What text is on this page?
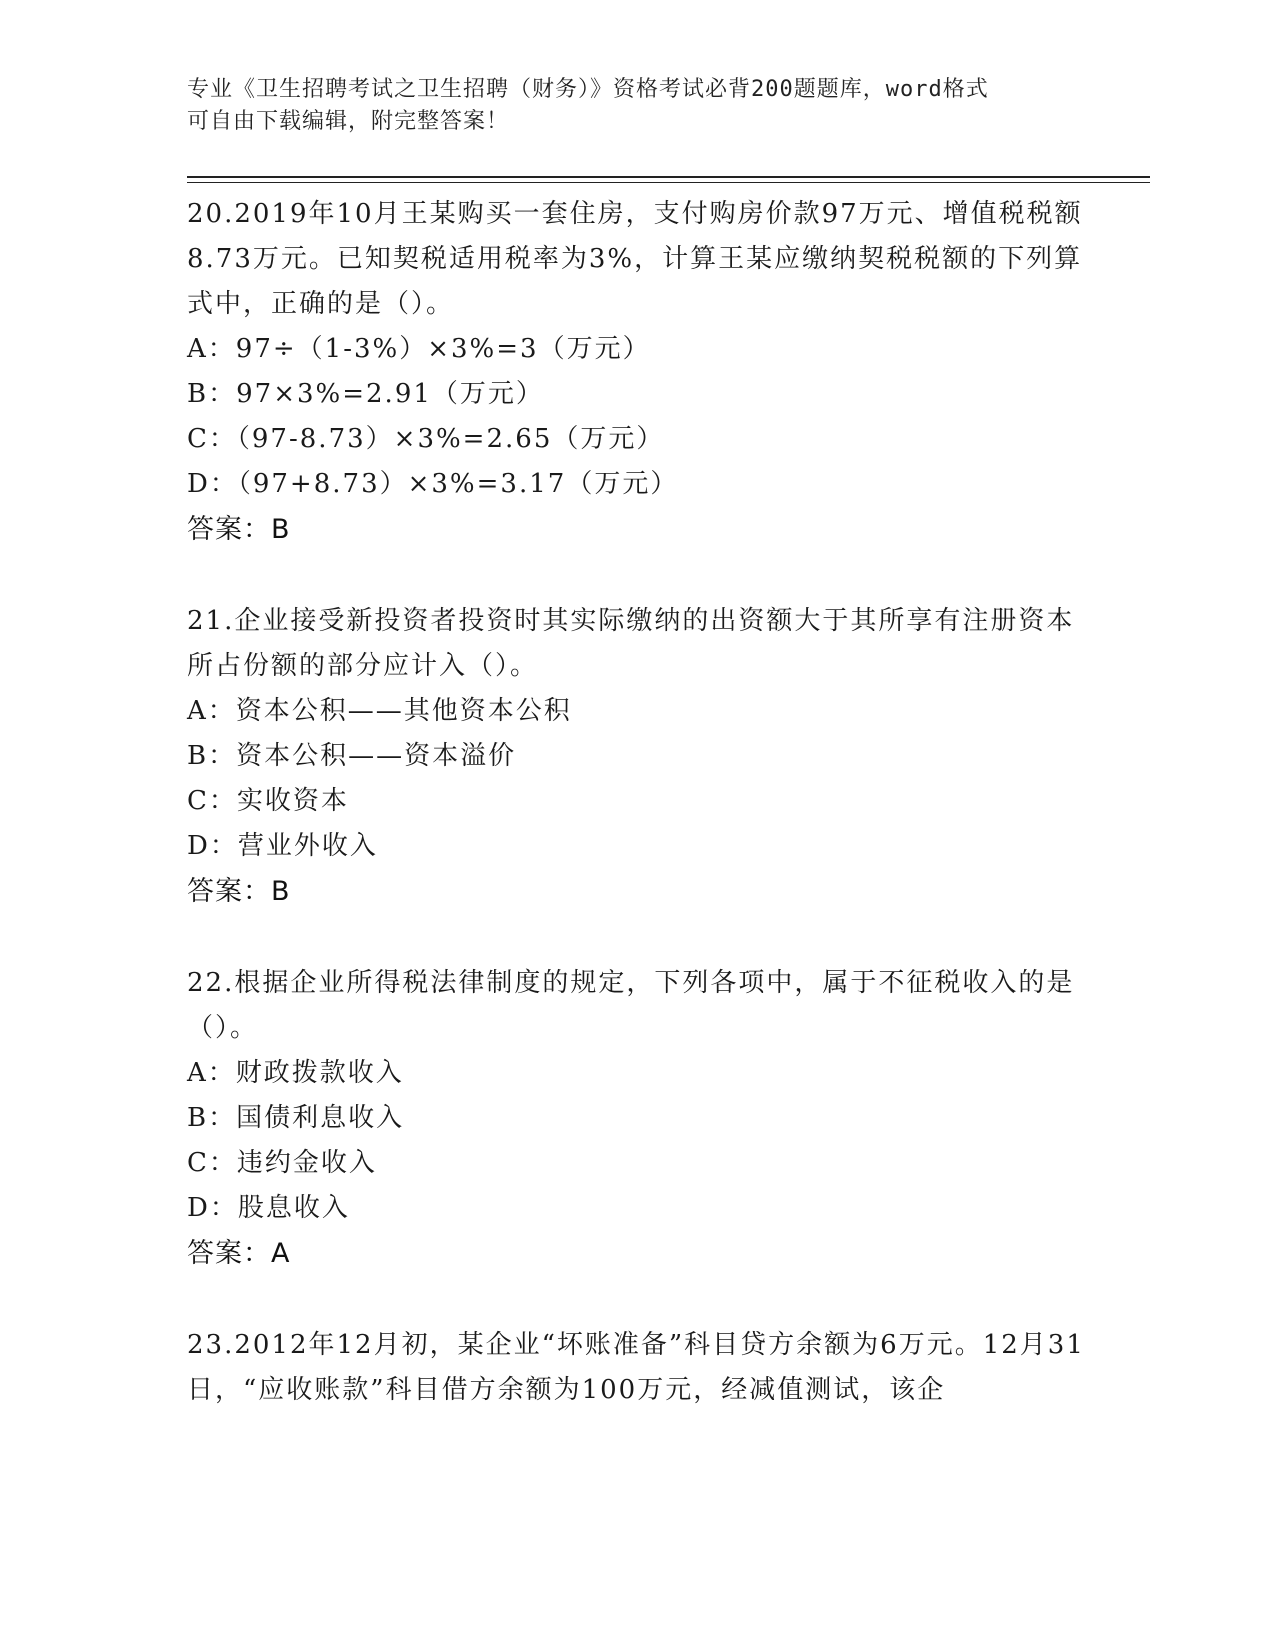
专业《卫生招聘考试之卫生招聘（财务）》资格考试必背200题题库，word格式
可自由下载编辑，附完整答案！

20.2019年10月王某购买一套住房，支付购房价款97万元、增值税税额8.73万元。已知契税适用税率为3%，计算王某应缴纳契税税额的下列算式中，正确的是（）。

A：97÷（1-3%）×3%=3（万元）

B：97×3%=2.91（万元）

C：（97-8.73）×3%=2.65（万元）

D：（97+8.73）×3%=3.17（万元）

答案：B

21.企业接受新投资者投资时其实际缴纳的出资额大于其所享有注册资本所占份额的部分应计入（）。

A：资本公积——其他资本公积

B：资本公积——资本溢价

C：实收资本

D：营业外收入

答案：B

22.根据企业所得税法律制度的规定，下列各项中，属于不征税收入的是（）。

A：财政拨款收入

B：国债利息收入

C：违约金收入

D：股息收入

答案：A

23.2012年12月初，某企业“坏账准备”科目贷方余额为6万元。12月31日，“应收账款”科目借方余额为100万元，经减值测试，该企
